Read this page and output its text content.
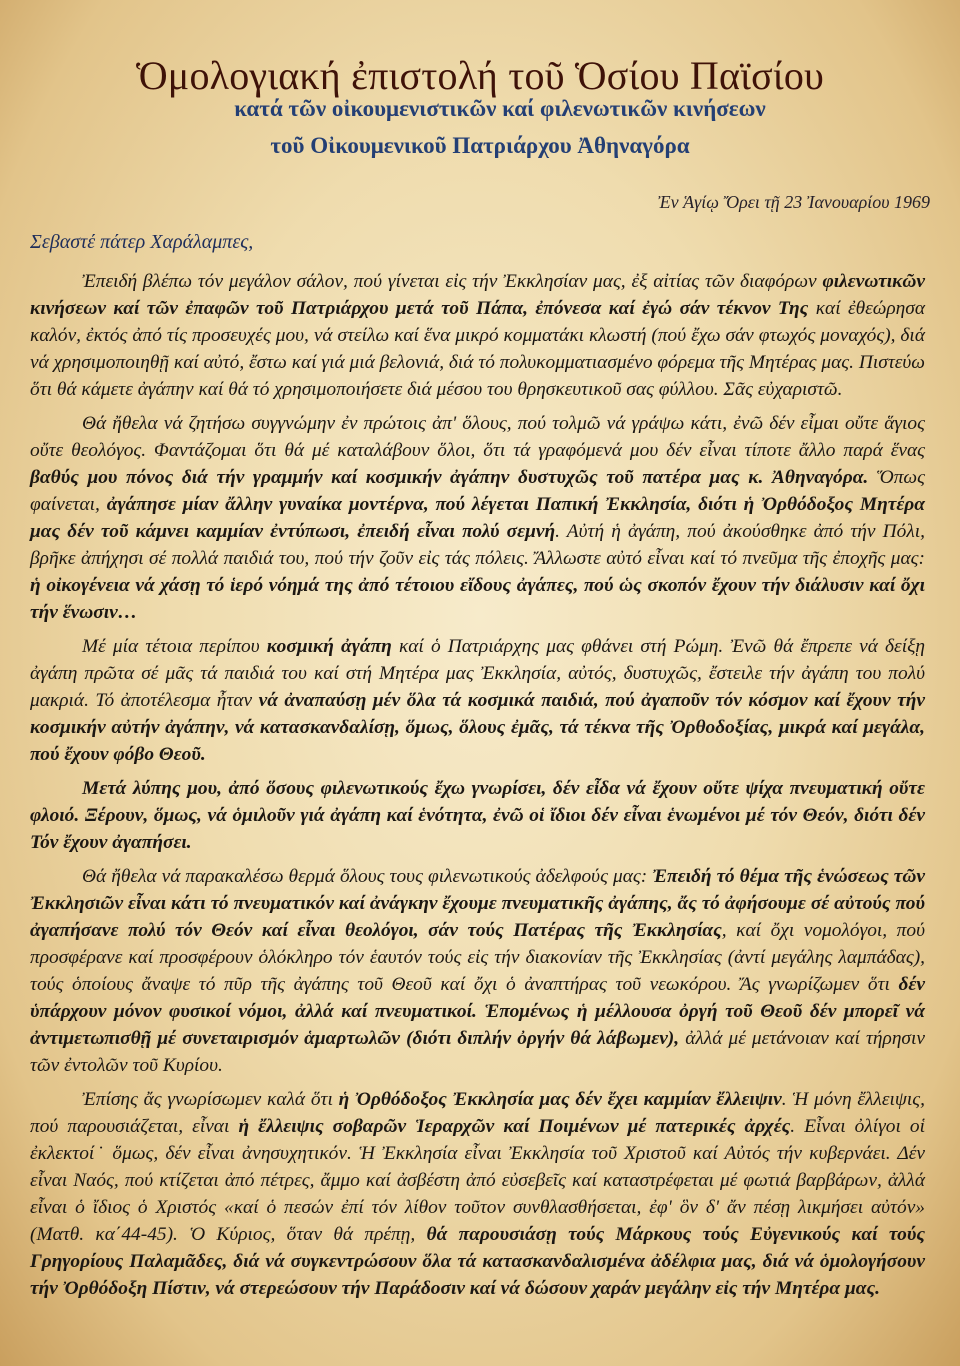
Ὁμολογιακή ἐπιστολή τοῦ Ὁσίου Παϊσίου
κατά τῶν οἰκουμενιστικῶν καί φιλενωτικῶν κινήσεων
τοῦ Οἰκουμενικοῦ Πατριάρχου Ἀθηναγόρα
Ἐν Ἁγίῳ Ὄρει τῇ 23 Ἰανουαρίου 1969
Σεβαστέ πάτερ Χαράλαμπες,

Ἐπειδή βλέπω τόν μεγάλον σάλον, πού γίνεται εἰς τήν Ἐκκλησίαν μας, ἐξ αἰτίας τῶν διαφόρων φιλενωτικῶν κινήσεων καί τῶν ἐπαφῶν τοῦ Πατριάρχου μετά τοῦ Πάπα, ἐπόνεσα καί ἐγώ σάν τέκνον Της καί ἐθεώρησα καλόν, ἐκτός ἀπό τίς προσευχές μου, νά στείλω καί ἕνα μικρό κομματάκι κλωστή (πού ἔχω σάν φτωχός μοναχός), διά νά χρησιμοποιηθῇ καί αὐτό, ἔστω καί γιά μιά βελονιά, διά τό πολυκομματιασμένο φόρεμα τῆς Μητέρας μας. Πιστεύω ὅτι θά κάμετε ἀγάπην καί θά τό χρησιμοποιήσετε διά μέσου του θρησκευτικοῦ σας φύλλου. Σᾶς εὐχαριστῶ.

Θά ἤθελα νά ζητήσω συγγνώμην ἐν πρώτοις ἀπ' ὅλους, πού τολμῶ νά γράψω κάτι, ἐνῶ δέν εἶμαι οὔτε ἅγιος οὔτε θεολόγος. Φαντάζομαι ὅτι θά μέ καταλάβουν ὅλοι, ὅτι τά γραφόμενά μου δέν εἶναι τίποτε ἄλλο παρά ἕνας βαθύς μου πόνος διά τήν γραμμήν καί κοσμικήν ἀγάπην δυστυχῶς τοῦ πατέρα μας κ. Ἀθηναγόρα. Ὅπως φαίνεται, ἀγάπησε μίαν ἄλλην γυναίκα μοντέρνα, πού λέγεται Παπική Ἐκκλησία, διότι ἡ Ὀρθόδοξος Μητέρα μας δέν τοῦ κάμνει καμμίαν ἐντύπωσι, ἐπειδή εἶναι πολύ σεμνή. Αὐτή ἡ ἀγάπη, πού ἀκούσθηκε ἀπό τήν Πόλι, βρῆκε ἀπήχησι σέ πολλά παιδιά του, πού τήν ζοῦν εἰς τάς πόλεις. Ἄλλωστε αὐτό εἶναι καί τό πνεῦμα τῆς ἐποχῆς μας: ἡ οἰκογένεια νά χάσῃ τό ἱερό νόημά της ἀπό τέτοιου εἴδους ἀγάπες, πού ὡς σκοπόν ἔχουν τήν διάλυσιν καί ὄχι τήν ἕνωσιν…

Μέ μία τέτοια περίπου κοσμική ἀγάπη καί ὁ Πατριάρχης μας φθάνει στή Ρώμη. Ἐνῶ θά ἔπρεπε νά δείξῃ ἀγάπη πρῶτα σέ μᾶς τά παιδιά του καί στή Μητέρα μας Ἐκκλησία, αὐτός, δυστυχῶς, ἔστειλε τήν ἀγάπη του πολύ μακριά. Τό ἀποτέλεσμα ἦταν νά ἀναπαύσῃ μέν ὅλα τά κοσμικά παιδιά, πού ἀγαποῦν τόν κόσμον καί ἔχουν τήν κοσμικήν αὐτήν ἀγάπην, νά κατασκανδαλίσῃ, ὅμως, ὅλους ἐμᾶς, τά τέκνα τῆς Ὀρθοδοξίας, μικρά καί μεγάλα, πού ἔχουν φόβο Θεοῦ.

Μετά λύπης μου, ἀπό ὅσους φιλενωτικούς ἔχω γνωρίσει, δέν εἶδα νά ἔχουν οὔτε ψίχα πνευματική οὔτε φλοιό. Ξέρουν, ὅμως, νά ὁμιλοῦν γιά ἀγάπη καί ἑνότητα, ἐνῶ οἱ ἴδιοι δέν εἶναι ἑνωμένοι μέ τόν Θεόν, διότι δέν Τόν ἔχουν ἀγαπήσει.

Θά ἤθελα νά παρακαλέσω θερμά ὅλους τους φιλενωτικούς ἀδελφούς μας: Ἐπειδή τό θέμα τῆς ἑνώσεως τῶν Ἐκκλησιῶν εἶναι κάτι τό πνευματικόν καί ἀνάγκην ἔχουμε πνευματικῆς ἀγάπης, ἄς τό ἀφήσουμε σέ αὐτούς πού ἀγαπήσανε πολύ τόν Θεόν καί εἶναι θεολόγοι, σάν τούς Πατέρας τῆς Ἐκκλησίας, καί ὄχι νομολόγοι, πού προσφέρανε καί προσφέρουν ὁλόκληρο τόν ἑαυτόν τούς εἰς τήν διακονίαν τῆς Ἐκκλησίας (ἀντί μεγάλης λαμπάδας), τούς ὁποίους ἄναψε τό πῦρ τῆς ἀγάπης τοῦ Θεοῦ καί ὄχι ὁ ἀναπτήρας τοῦ νεωκόρου. Ἄς γνωρίζωμεν ὅτι δέν ὑπάρχουν μόνον φυσικοί νόμοι, ἀλλά καί πνευματικοί. Ἑπομένως ἡ μέλλουσα ὀργή τοῦ Θεοῦ δέν μπορεῖ νά ἀντιμετωπισθῇ μέ συνεταιρισμόν ἁμαρτωλῶν (διότι διπλήν ὀργήν θά λάβωμεν), ἀλλά μέ μετάνοιαν καί τήρησιν τῶν ἐντολῶν τοῦ Κυρίου.

Ἐπίσης ἄς γνωρίσωμεν καλά ὅτι ἡ Ὀρθόδοξος Ἐκκλησία μας δέν ἔχει καμμίαν ἔλλειψιν. Ἡ μόνη ἔλλειψις, πού παρουσιάζεται, εἶναι ἡ ἔλλειψις σοβαρῶν Ἱεραρχῶν καί Ποιμένων μέ πατερικές ἀρχές. Εἶναι ὀλίγοι οἱ ἐκλεκτοί˙ ὅμως, δέν εἶναι ἀνησυχητικόν. Ἡ Ἐκκλησία εἶναι Ἐκκλησία τοῦ Χριστοῦ καί Αὐτός τήν κυβερνάει. Δέν εἶναι Ναός, πού κτίζεται ἀπό πέτρες, ἄμμο καί ἀσβέστη ἀπό εὐσεβεῖς καί καταστρέφεται μέ φωτιά βαρβάρων, ἀλλά εἶναι ὁ ἴδιος ὁ Χριστός «καί ὁ πεσών ἐπί τόν λίθον τοῦτον συνθλασθήσεται, ἐφ' ὃν δ' ἄν πέσῃ λικμήσει αὐτόν» (Ματθ. κα΄44-45). Ὁ Κύριος, ὅταν θά πρέπῃ, θά παρουσιάσῃ τούς Μάρκους τούς Εὐγενικούς καί τούς Γρηγορίους Παλαμᾶδες, διά νά συγκεντρώσουν ὅλα τά κατασκανδαλισμένα ἀδέλφια μας, διά νά ὁμολογήσουν τήν Ὀρθόδοξη Πίστιν, νά στερεώσουν τήν Παράδοσιν καί νά δώσουν χαράν μεγάλην εἰς τήν Μητέρα μας.
